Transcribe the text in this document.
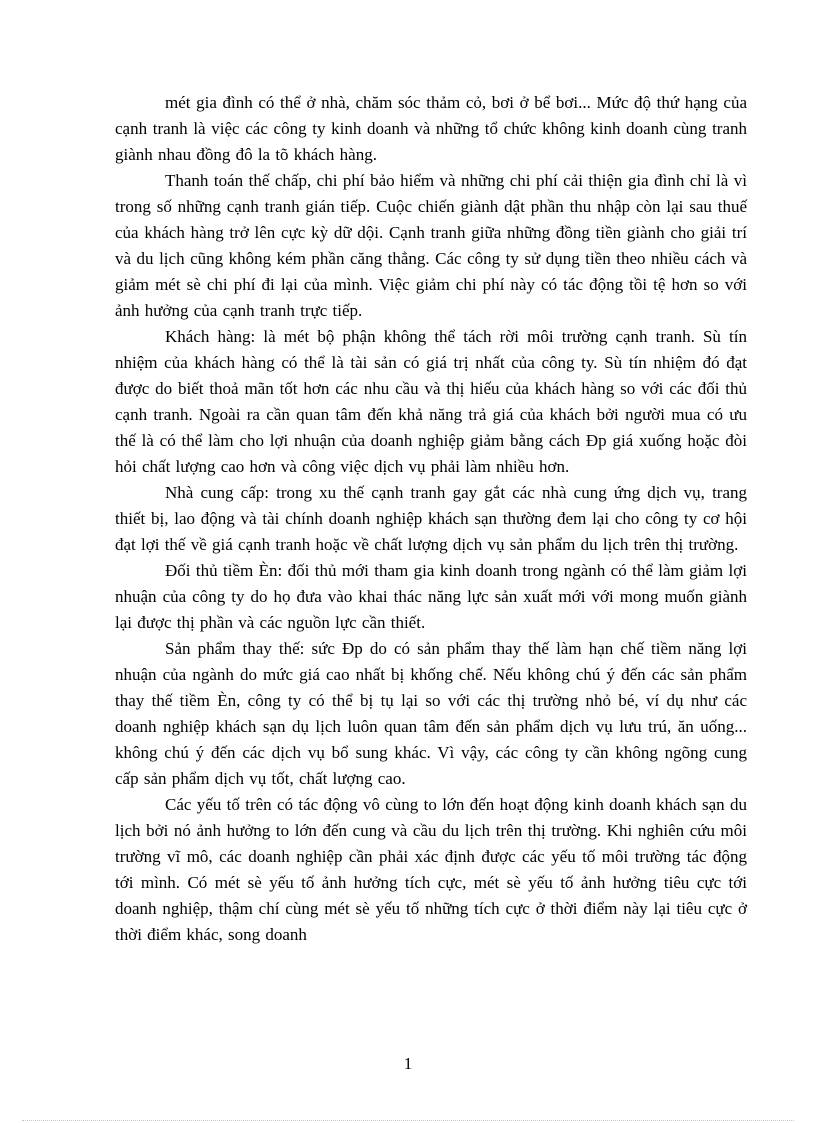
mét gia đình có thể ở nhà, chăm sóc thảm cỏ, bơi ở bể bơi... Mức độ thứ hạng của cạnh tranh là việc các công ty kinh doanh và những tổ chức không kinh doanh cùng tranh giành nhau đồng đô la tõ khách hàng.

Thanh toán thế chấp, chi phí bảo hiểm và những chi phí cải thiện gia đình chỉ là vì trong số những cạnh tranh gián tiếp. Cuộc chiến giành dật phần thu nhập còn lại sau thuế của khách hàng trở lên cực kỳ dữ dội. Cạnh tranh giữa những đồng tiền giành cho giải trí và du lịch cũng không kém phần căng thẳng. Các công ty sử dụng tiền theo nhiều cách và giảm mét sè chi phí đi lại của mình. Việc giảm chi phí này có tác động tồi tệ hơn so với ảnh hưởng của cạnh tranh trực tiếp.

Khách hàng: là mét bộ phận không thể tách rời môi trường cạnh tranh. Sù tín nhiệm của khách hàng có thể là tài sản có giá trị nhất của công ty. Sù tín nhiệm đó đạt được do biết thoả mãn tốt hơn các nhu cầu và thị hiếu của khách hàng so với các đối thủ cạnh tranh. Ngoài ra cần quan tâm đến khả năng trả giá của khách bởi người mua có ưu thế là có thể làm cho lợi nhuận của doanh nghiệp giảm bằng cách Đp giá xuống hoặc đòi hỏi chất lượng cao hơn và công việc dịch vụ phải làm nhiều hơn.

Nhà cung cấp: trong xu thế cạnh tranh gay gắt các nhà cung ứng dịch vụ, trang thiết bị, lao động và tài chính doanh nghiệp khách sạn thường đem lại cho công ty cơ hội đạt lợi thế về giá cạnh tranh hoặc về chất lượng dịch vụ sản phẩm du lịch trên thị trường.

Đối thủ tiềm Èn: đối thủ mới tham gia kinh doanh trong ngành có thể làm giảm lợi nhuận của công ty do họ đưa vào khai thác năng lực sản xuất mới với mong muốn giành lại được thị phần và các nguồn lực cần thiết.

Sản phẩm thay thế: sức Đp do có sản phẩm thay thế làm hạn chế tiềm năng lợi nhuận của ngành do mức giá cao nhất bị khống chế. Nếu không chú ý đến các sản phẩm thay thế tiềm Èn, công ty có thể bị tụ lại so với các thị trường nhỏ bé, ví dụ như các doanh nghiệp khách sạn dụ lịch luôn quan tâm đến sản phẩm dịch vụ lưu trú, ăn uống... không chú ý đến các dịch vụ bổ sung khác. Vì vậy, các công ty cần không ngõng cung cấp sản phẩm dịch vụ tốt, chất lượng cao.

Các yếu tố trên có tác động vô cùng to lớn đến hoạt động kinh doanh khách sạn du lịch bởi nó ảnh hưởng to lớn đến cung và cầu du lịch trên thị trường. Khi nghiên cứu môi trường vĩ mô, các doanh nghiệp cần phải xác định được các yếu tố môi trường tác động tới mình. Có mét sè yếu tố ảnh hưởng tích cực, mét sè yếu tố ảnh hưởng tiêu cực tới doanh nghiệp, thậm chí cùng mét sè yếu tố những tích cực ở thời điểm này lại tiêu cực ở thời điểm khác, song doanh

1
